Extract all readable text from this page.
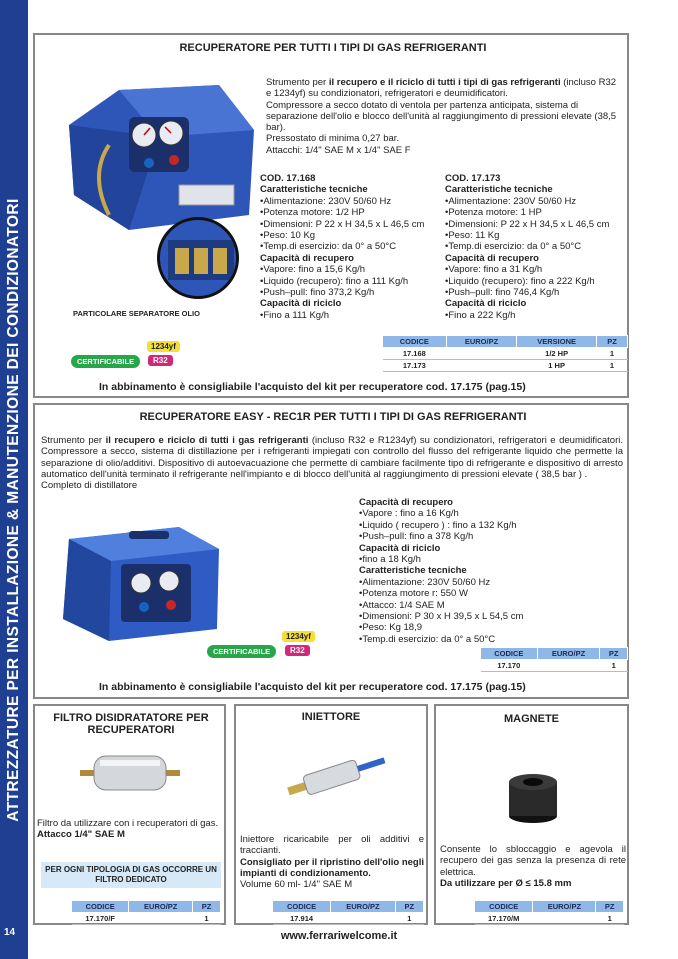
ATTREZZATURE PER INSTALLAZIONE & MANUTENZIONE DEI CONDIZIONATORI
14
RECUPERATORE PER TUTTI I TIPI DI GAS REFRIGERANTI
PARTICOLARE SEPARATORE OLIO
Strumento per il recupero e il riciclo di tutti i tipi di gas refrigeranti (incluso R32 e 1234yf) su condizionatori, refrigeratori e deumidificatori.
Compressore a secco dotato di ventola per partenza anticipata, sistema di separazione dell'olio e blocco dell'unità al raggiungimento di pressioni elevate (38,5 bar).
Pressostato di minima 0,27 bar.
Attacchi: 1/4" SAE M x 1/4" SAE F
COD. 17.168
Caratteristiche tecniche
• Alimentazione: 230V 50/60 Hz
• Potenza motore: 1/2 HP
• Dimensioni: P 22 x H 34,5 x L 46,5 cm
• Peso: 10 Kg
• Temp.di esercizio: da 0° a 50°C
Capacità di recupero
• Vapore: fino a 15,6 Kg/h
• Liquido (recupero): fino a 111 Kg/h
• Push–pull: fino 373,2 Kg/h
Capacità di riciclo
• Fino a 111 Kg/h
COD. 17.173
Caratteristiche tecniche
• Alimentazione: 230V 50/60 Hz
• Potenza motore: 1 HP
• Dimensioni: P 22 x H 34,5 x L 46,5 cm
• Peso: 11 Kg
• Temp.di esercizio: da 0° a 50°C
Capacità di recupero
• Vapore: fino a 31 Kg/h
• Liquido (recupero): fino a 222 Kg/h
• Push–pull: fino 746,4 Kg/h
Capacità di riciclo
• Fino a 222 Kg/h
1234yf
CERTIFICABILE	R32
CODICE	EURO/PZ	VERSIONE	PZ
17.168		1/2 HP	1
17.173		1 HP	1
In abbinamento è consigliabile l'acquisto del kit per recuperatore cod. 17.175 (pag.15)
RECUPERATORE EASY - REC1R PER TUTTI I TIPI DI GAS REFRIGERANTI
Strumento per il recupero e riciclo di tutti i gas refrigeranti (incluso R32 e R1234yf) su condizionatori, refrigeratori e deumidificatori. Compressore a secco, sistema di distillazione per i refrigeranti impiegati con controllo del flusso del refrigerante liquido che permette la separazione di olio/additivi. Dispositivo di autoevacuazione che permette di cambiare facilmente tipo di refrigerante e dispositivo di arresto automatico dell'unità terminato il refrigerante nell'impianto e di blocco dell'unità al raggiungimento di pressioni elevate ( 38,5 bar ) .
Completo di distillatore
Capacità di recupero
• Vapore : fino a 16 Kg/h
• Liquido ( recupero ) : fino a 132 Kg/h
• Push–pull: fino a 378 Kg/h
Capacità di riciclo
• fino a 18 Kg/h
Caratteristiche tecniche
• Alimentazione: 230V 50/60 Hz
• Potenza motore r: 550 W
• Attacco: 1/4 SAE M
• Dimensioni: P 30 x H 39,5 x L 54,5 cm
• Peso: Kg 18,9
• Temp.di esercizio: da 0° a 50°C
1234yf
CERTIFICABILE	R32	CODICE	EURO/PZ	PZ
17.170		1
In abbinamento è consigliabile l'acquisto del kit per recuperatore cod. 17.175 (pag.15)
FILTRO DISIDRATATORE PER RECUPERATORI
Filtro da utilizzare con i recuperatori di gas.
Attacco 1/4" SAE M
PER OGNI TIPOLOGIA DI GAS OCCORRE UN FILTRO DEDICATO
CODICE	EURO/PZ	PZ
17.170/F		1
INIETTORE
Iniettore ricaricabile per oli additivi e traccianti.
Consigliato per il ripristino dell'olio negli impianti di condizionamento.
Volume 60 ml- 1/4" SAE M
CODICE	EURO/PZ	PZ
17.914		1
MAGNETE
Consente lo sbloccaggio e agevola il recupero dei gas senza la presenza di rete elettrica.
Da utilizzare per Ø ≤ 15.8 mm
CODICE	EURO/PZ	PZ
17.170/M		1
www.ferrariwelcome.it
